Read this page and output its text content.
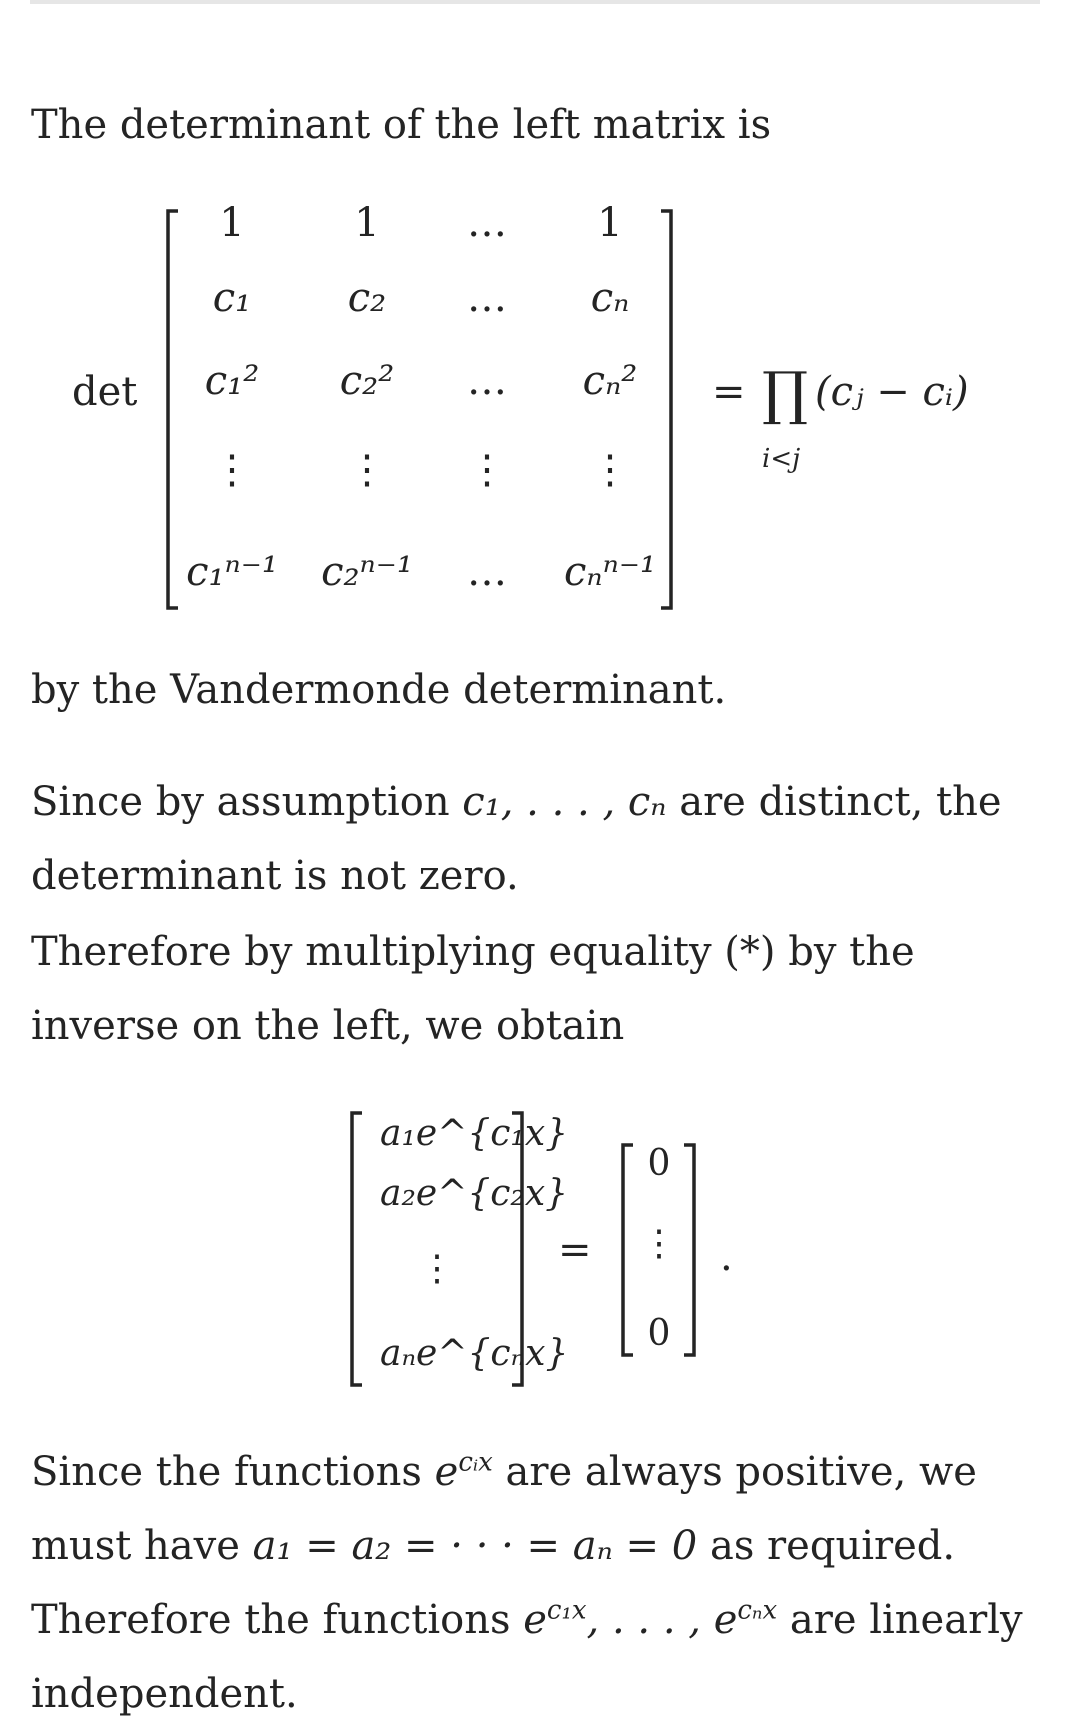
The determinant of the left matrix is

det
1	1 … 1
c₁ c₂ … cₙ
c₁² c₂² … cₙ²
⋮ ⋮ ⋮ ⋮
c₁ⁿ⁻¹ c₂ⁿ⁻¹ … cₙⁿ⁻¹
= ∏
i<j
(cⱼ − cᵢ)

by the Vandermonde determinant.

Since by assumption c₁, . . . , cₙ are distinct, the determinant is not zero.

Therefore by multiplying equality (*) by the inverse on the left, we obtain

a₁e^{c₁x}
a₂e^{c₂x}
⋮
aₙe^{cₙx}
=
0
⋮
0
.

Since the functions $e^{cᵢx}$ are always positive, we must have a₁ = a₂ = · · · = aₙ = 0 as required.

Therefore the functions $e^{c_1x}$, . . . , $e^{c_nx}$ are linearly independent.
